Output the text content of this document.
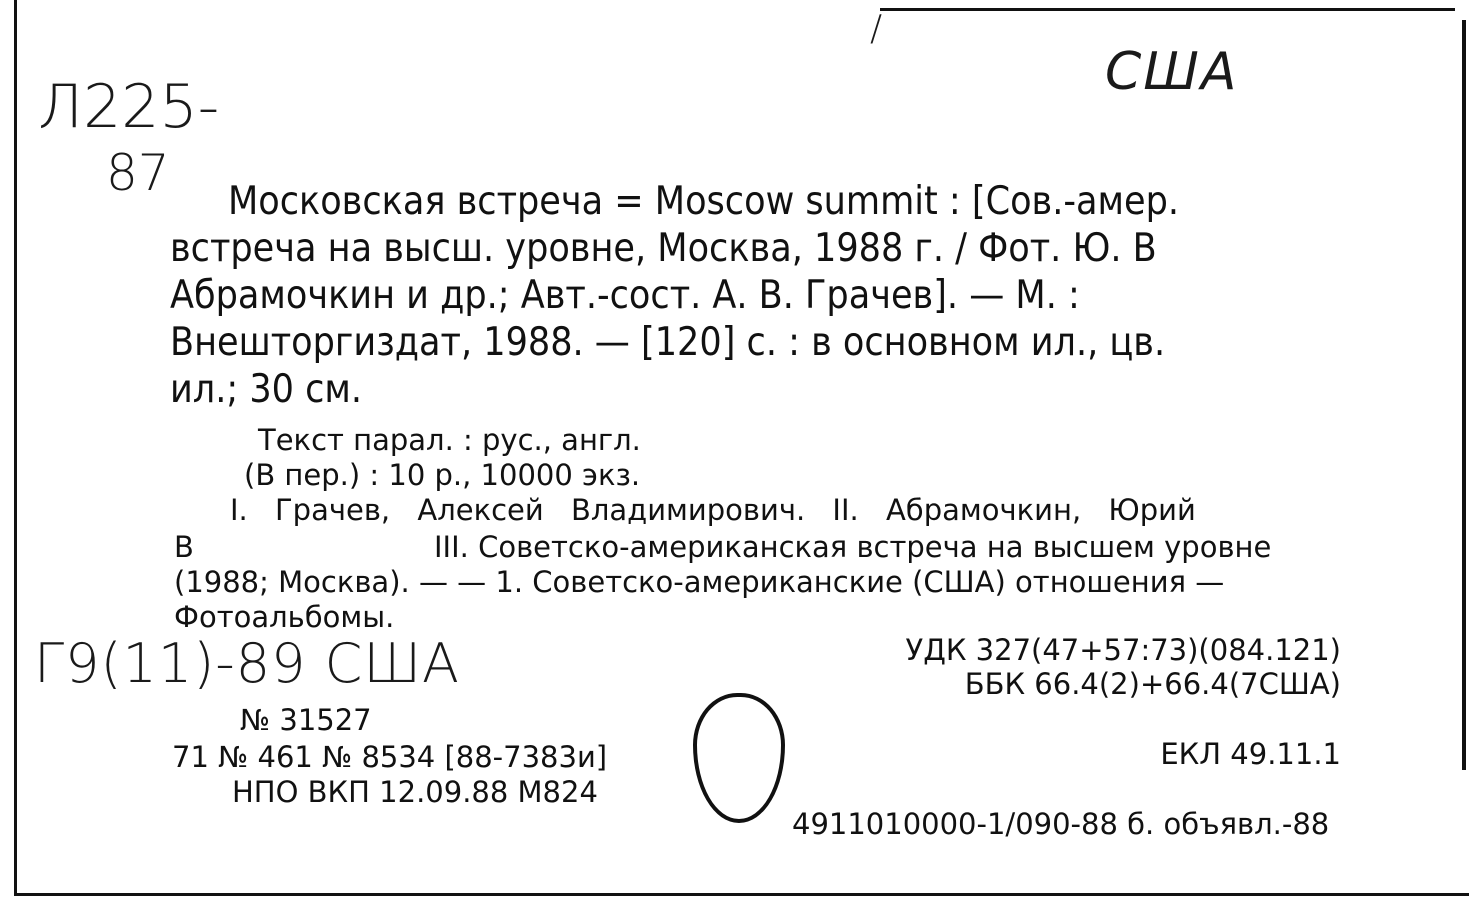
/
США
Л225-
87
Г9(11)-89 США
Московская встреча = Moscow summit : [Сов.-амер.
встреча на высш. уровне, Москва, 1988 г. / Фот. Ю. В
Абрамочкин и др.; Авт.-сост. А. В. Грачев]. — М. :
Внешторгиздат, 1988. — [120] с. : в основном ил., цв.
ил.; 30 см.
Текст парал. : рус., англ.
(В пер.) : 10 р., 10000 экз.
I. Грачев, Алексей Владимирович. II. Абрамочкин, Юрий
В	III. Советско-американская встреча на высшем уровне
(1988; Москва). — — 1. Советско-американские (США) отношения —
Фотоальбомы.
УДК 327(47+57:73)(084.121)
ББК 66.4(2)+66.4(7США)
№ 31527
71 № 461 № 8534 [88-7383и]
НПО ВКП 12.09.88 М824
ЕКЛ 49.11.1
4911010000-1/090-88 б. объявл.-88
